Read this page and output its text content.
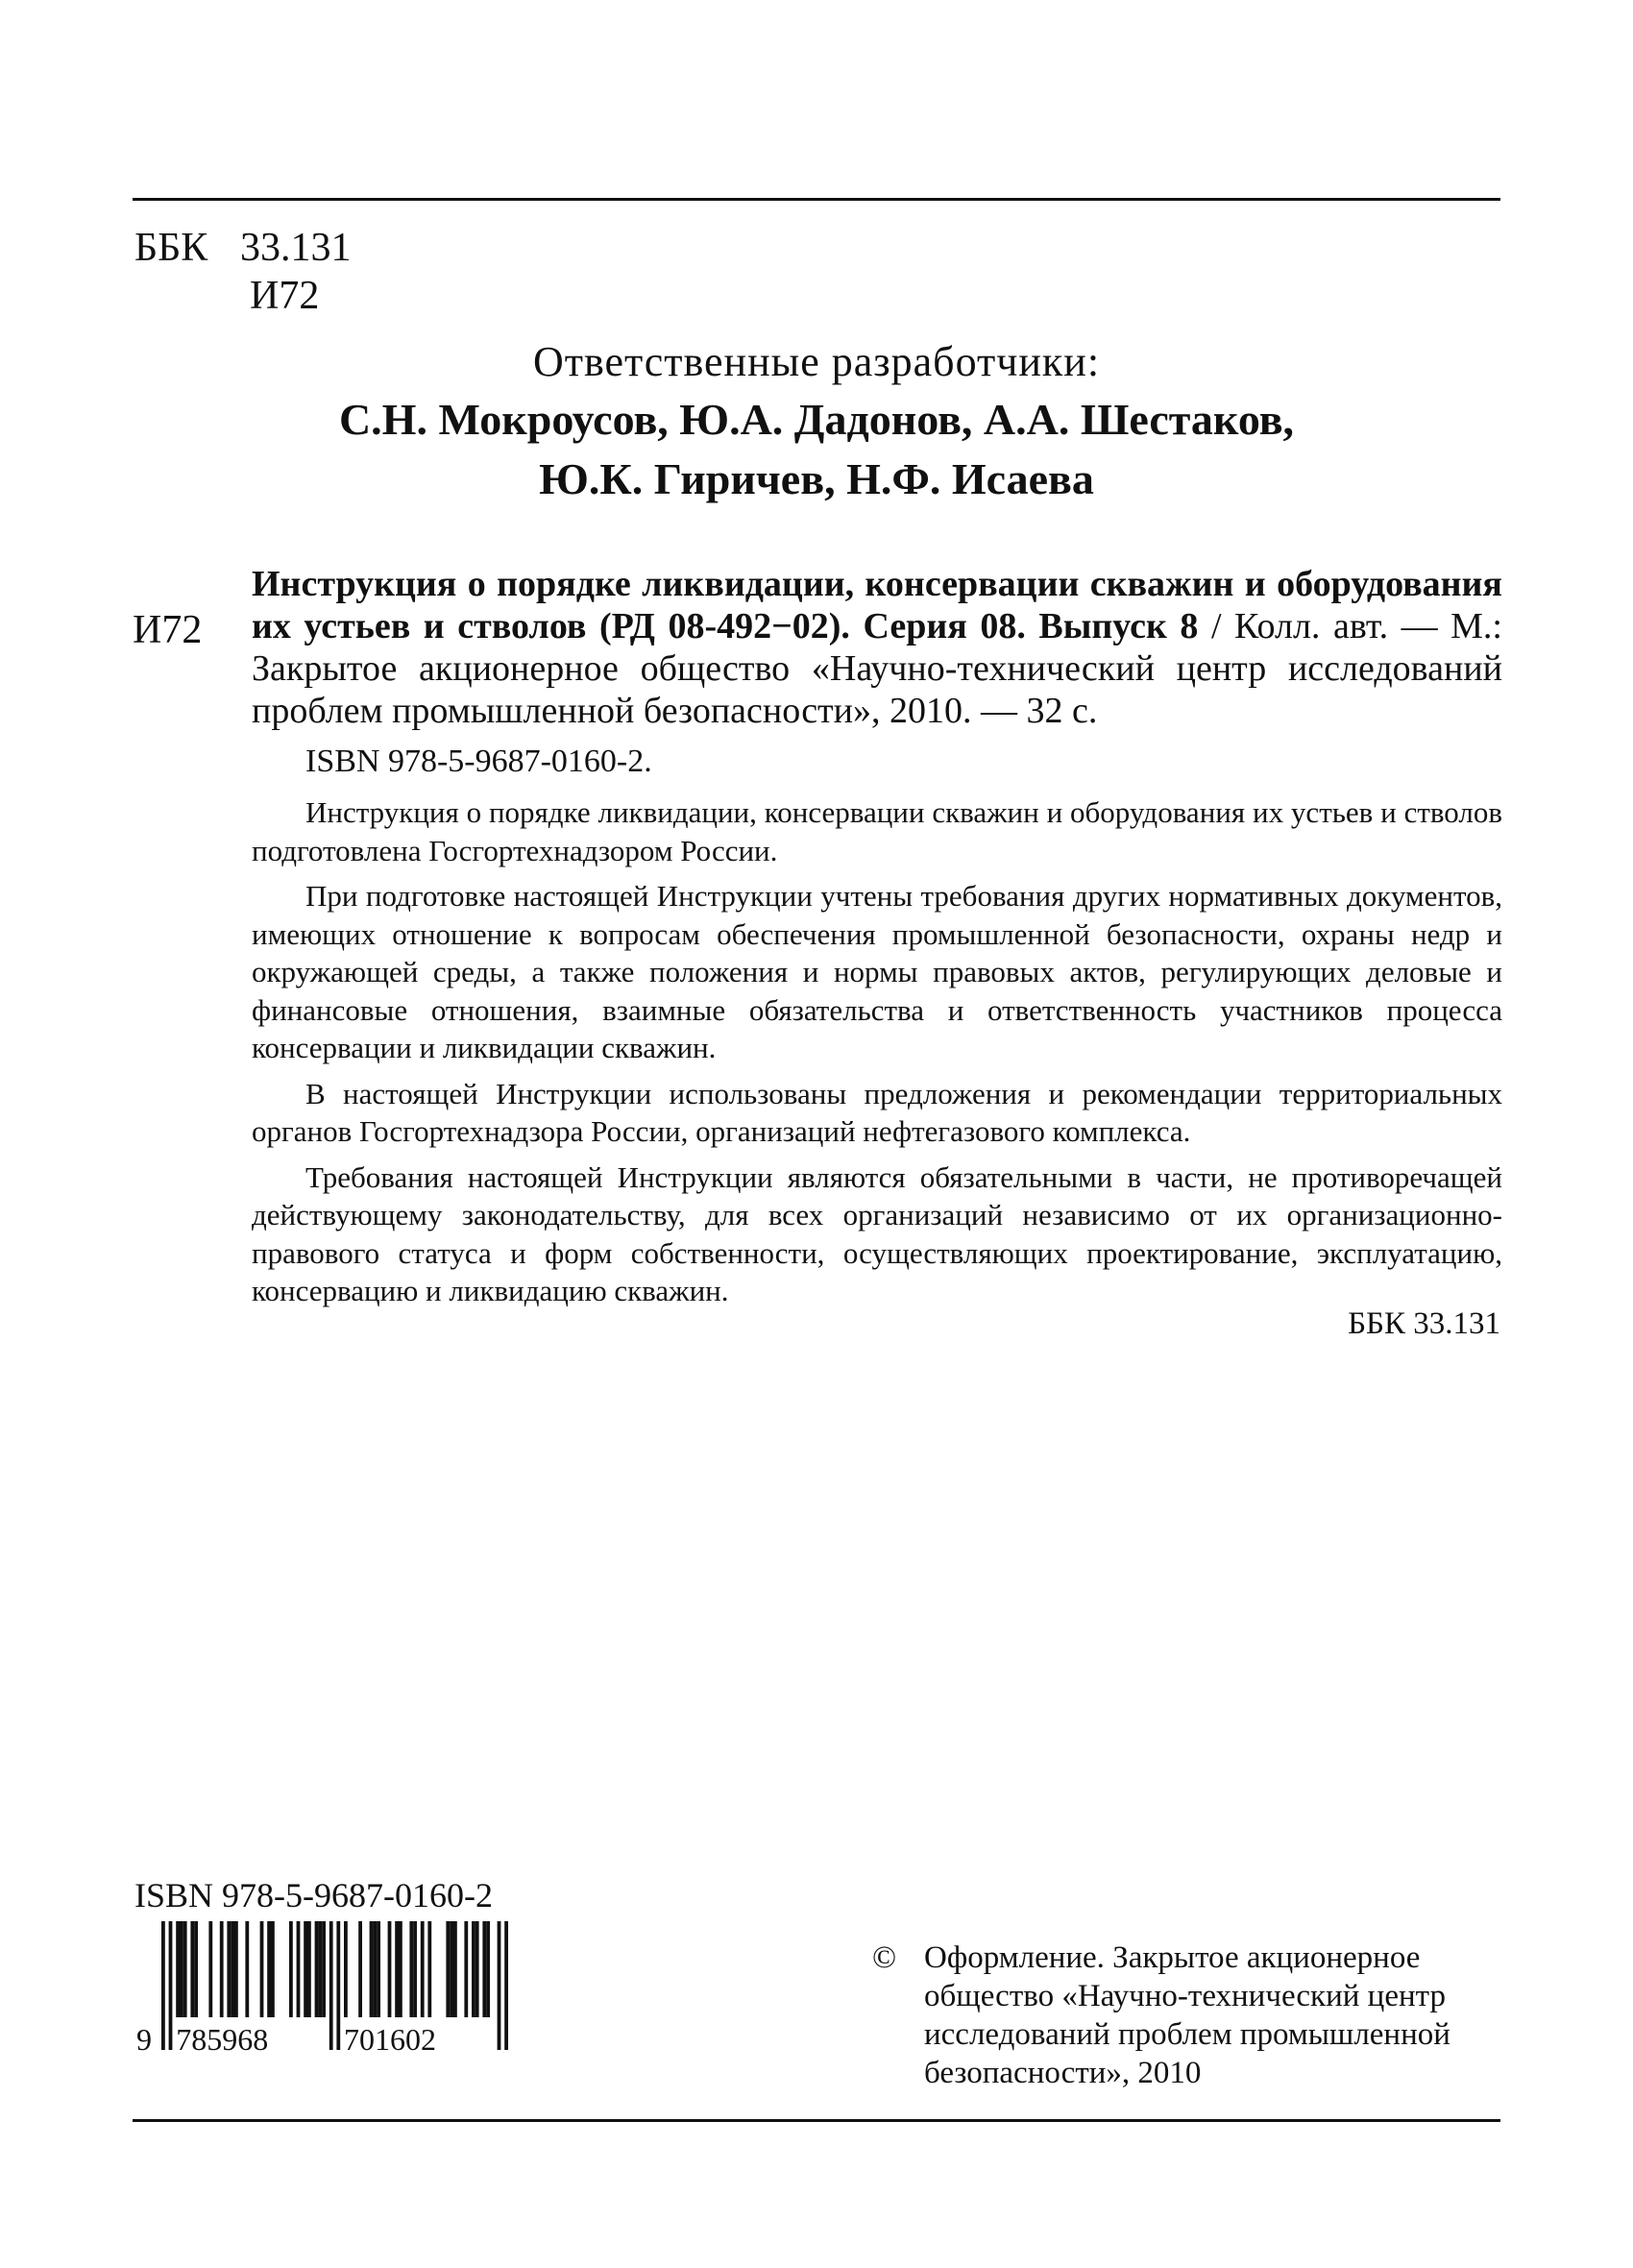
ББК 33.131
И72
Ответственные разработчики:
С.Н. Мокроусов, Ю.А. Дадонов, А.А. Шестаков,
Ю.К. Гиричев, Н.Ф. Исаева
И72
Инструкция о порядке ликвидации, консервации скважин и оборудования их устьев и стволов (РД 08-492−02). Серия 08. Выпуск 8 / Колл. авт. — М.: Закрытое акционерное общество «Научно-технический центр исследований проблем промышленной безопасности», 2010. — 32 с.
ISBN 978-5-9687-0160-2.

Инструкция о порядке ликвидации, консервации скважин и оборудования их устьев и стволов подготовлена Госгортехнадзором России.

При подготовке настоящей Инструкции учтены требования других нормативных документов, имеющих отношение к вопросам обеспечения промышленной безопасности, охраны недр и окружающей среды, а также положения и нормы правовых актов, регулирующих деловые и финансовые отношения, взаимные обязательства и ответственность участников процесса консервации и ликвидации скважин.

В настоящей Инструкции использованы предложения и рекомендации территориальных органов Госгортехнадзора России, организаций нефтегазового комплекса.

Требования настоящей Инструкции являются обязательными в части, не противоречащей действующему законодательству, для всех организаций независимо от их организационно-правового статуса и форм собственности, осуществляющих проектирование, эксплуатацию, консервацию и ликвидацию скважин.

ББК 33.131
ISBN 978-5-9687-0160-2
9 785968 701602
© Оформление. Закрытое акционерное
общество «Научно-технический центр
исследований проблем промышленной
безопасности», 2010
